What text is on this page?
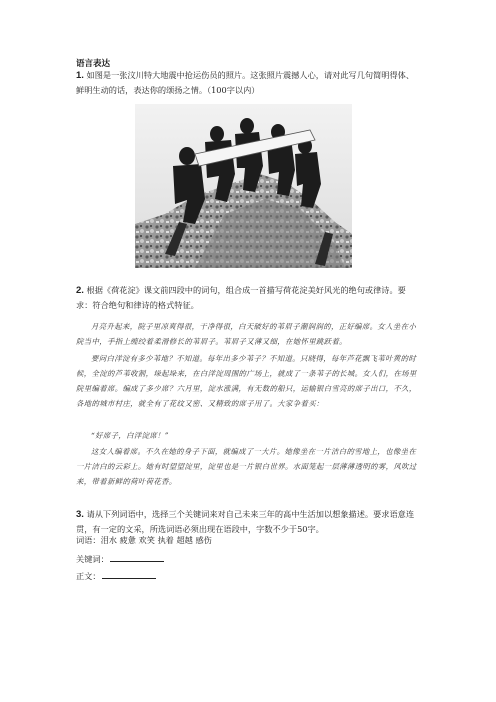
语言表达
1. 如图是一张汶川特大地震中抢运伤员的照片。这张照片震撼人心，请对此写几句简明得体、鲜明生动的话，表达你的颂扬之情。（100字以内）
2. 根据《荷花淀》课文前四段中的词句，组合成一首描写荷花淀美好风光的绝句或律诗。要求：符合绝句和律诗的格式特征。
月亮升起来，院子里凉爽得很，干净得很，白天破好的苇眉子潮润润的，正好编席。女人坐在小院当中，手指上缠绞着柔滑修长的苇眉子。苇眉子又薄又细，在她怀里跳跃着。
要问白洋淀有多少苇地？不知道。每年出多少苇子？不知道。只晓得，每年芦花飘飞苇叶黄的时候，全淀的芦苇收割，垛起垛来，在白洋淀周围的广场上，就成了一条苇子的长城。女人们，在场里院里编着席。编成了多少席？六月里，淀水涨满，有无数的船只，运输银白雪亮的席子出口，不久，各地的城市村庄，就全有了花纹又密、又精致的席子用了。大家争着买：
“好席子，白洋淀席！”
这女人编着席。不久在她的身子下面，就编成了一大片。她像坐在一片洁白的雪地上，也像坐在一片洁白的云彩上。她有时望望淀里，淀里也是一片银白世界。水面笼起一层薄薄透明的雾，风吹过来，带着新鲜的荷叶荷花香。
3. 请从下列词语中，选择三个关键词来对自己未来三年的高中生活加以想象描述。要求语意连贯，有一定的文采，所选词语必须出现在语段中，字数不少于50字。
词语：泪水 疲惫 欢笑 执着 超越 感伤
关键词：
正文：
